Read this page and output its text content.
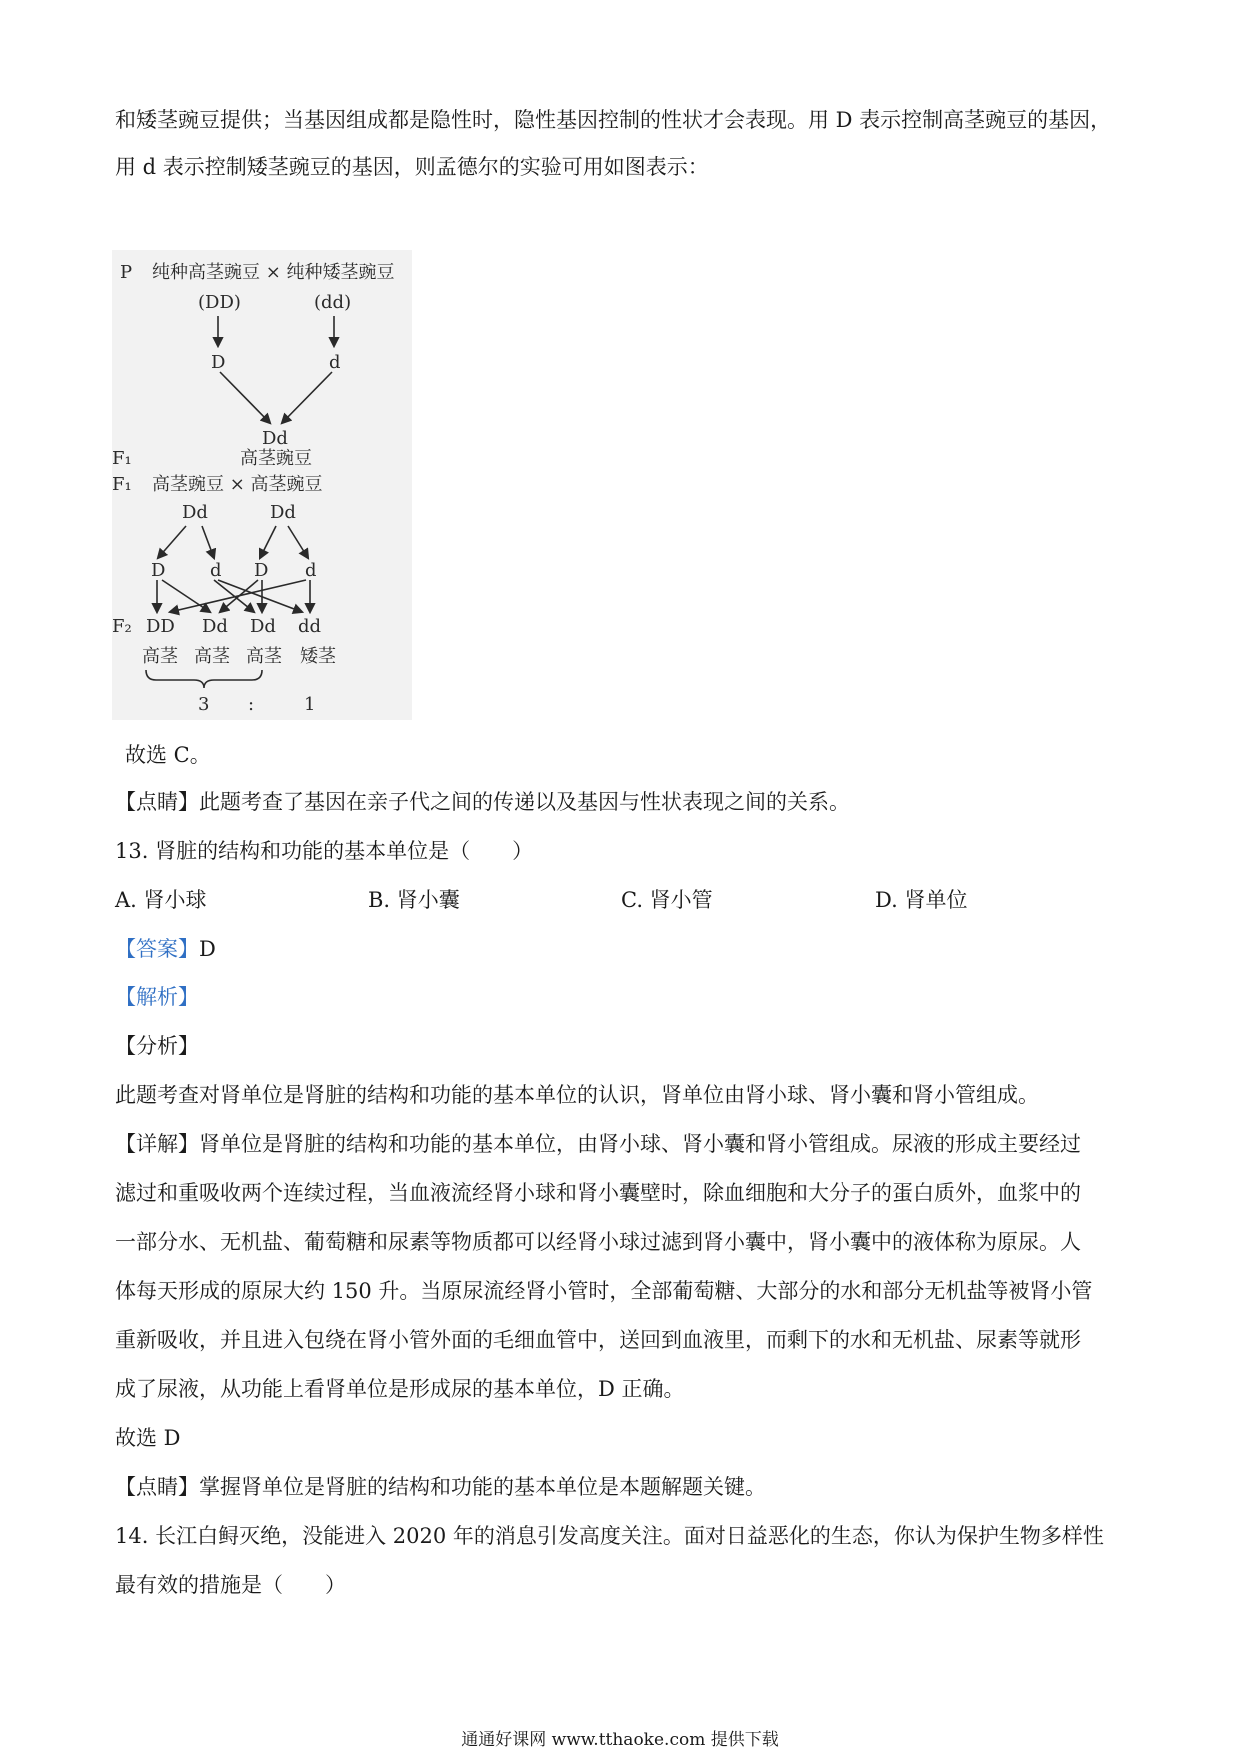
和矮茎豌豆提供；当基因组成都是隐性时，隐性基因控制的性状才会表现。用 D 表示控制高茎豌豆的基因，
用 d 表示控制矮茎豌豆的基因，则孟德尔的实验可用如图表示：
P 纯种高茎豌豆 × 纯种矮茎豌豆
(DD)	(dd)
D	d
Dd
F₁	高茎豌豆
F₁ 高茎豌豆 × 高茎豌豆
Dd	Dd
D d D d
F₂ DD Dd Dd dd
高茎 高茎 高茎 矮茎
3 :	1
故选 C。
【点睛】此题考查了基因在亲子代之间的传递以及基因与性状表现之间的关系。
13. 肾脏的结构和功能的基本单位是（　　）
A. 肾小球	B. 肾小囊	C. 肾小管	D. 肾单位
【答案】D
【解析】
【分析】
此题考查对肾单位是肾脏的结构和功能的基本单位的认识，肾单位由肾小球、肾小囊和肾小管组成。
【详解】肾单位是肾脏的结构和功能的基本单位，由肾小球、肾小囊和肾小管组成。尿液的形成主要经过
滤过和重吸收两个连续过程，当血液流经肾小球和肾小囊壁时，除血细胞和大分子的蛋白质外，血浆中的
一部分水、无机盐、葡萄糖和尿素等物质都可以经肾小球过滤到肾小囊中，肾小囊中的液体称为原尿。人
体每天形成的原尿大约 150 升。当原尿流经肾小管时，全部葡萄糖、大部分的水和部分无机盐等被肾小管
重新吸收，并且进入包绕在肾小管外面的毛细血管中，送回到血液里，而剩下的水和无机盐、尿素等就形
成了尿液，从功能上看肾单位是形成尿的基本单位，D 正确。
故选 D
【点睛】掌握肾单位是肾脏的结构和功能的基本单位是本题解题关键。
14. 长江白鲟灭绝，没能进入 2020 年的消息引发高度关注。面对日益恶化的生态，你认为保护生物多样性
最有效的措施是（　　）
通通好课网 www.tthaoke.com 提供下载
